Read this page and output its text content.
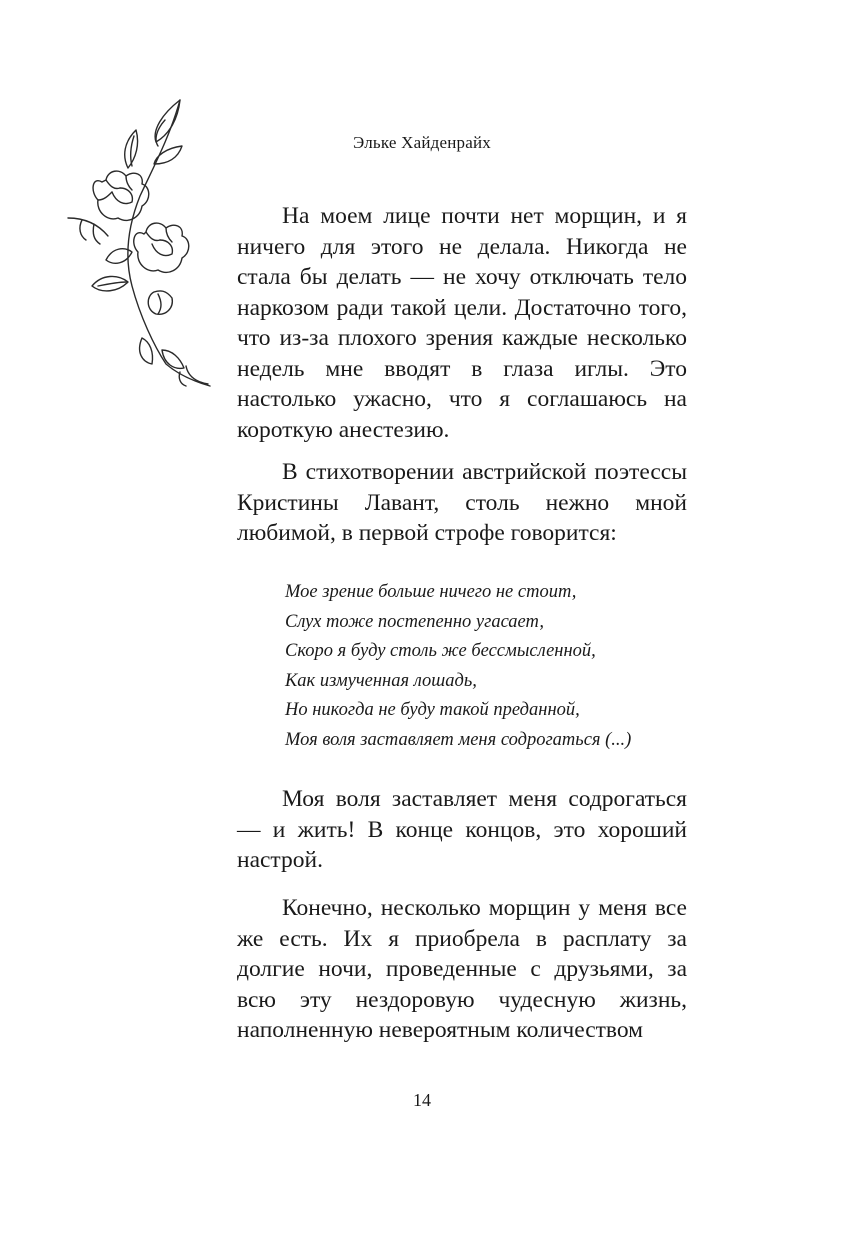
Эльке Хайденрайх

На моем лице почти нет морщин, и я ничего для этого не делала. Никогда не стала бы делать — не хочу отключать тело наркозом ради такой цели. Достаточно того, что из-за плохого зрения каждые несколько недель мне вводят в глаза иглы. Это настолько ужасно, что я соглашаюсь на короткую анестезию.

В стихотворении австрийской поэтессы Кристины Лавант, столь нежно мной любимой, в первой строфе говорится:

Мое зрение больше ничего не стоит,
Слух тоже постепенно угасает,
Скоро я буду столь же бессмысленной,
Как измученная лошадь,
Но никогда не буду такой преданной,
Моя воля заставляет меня содрогаться (...)

Моя воля заставляет меня содрогаться — и жить! В конце концов, это хороший настрой.

Конечно, несколько морщин у меня все же есть. Их я приобрела в расплату за долгие ночи, проведенные с друзьями, за всю эту нездоровую чудесную жизнь, наполненную невероятным количеством

14
